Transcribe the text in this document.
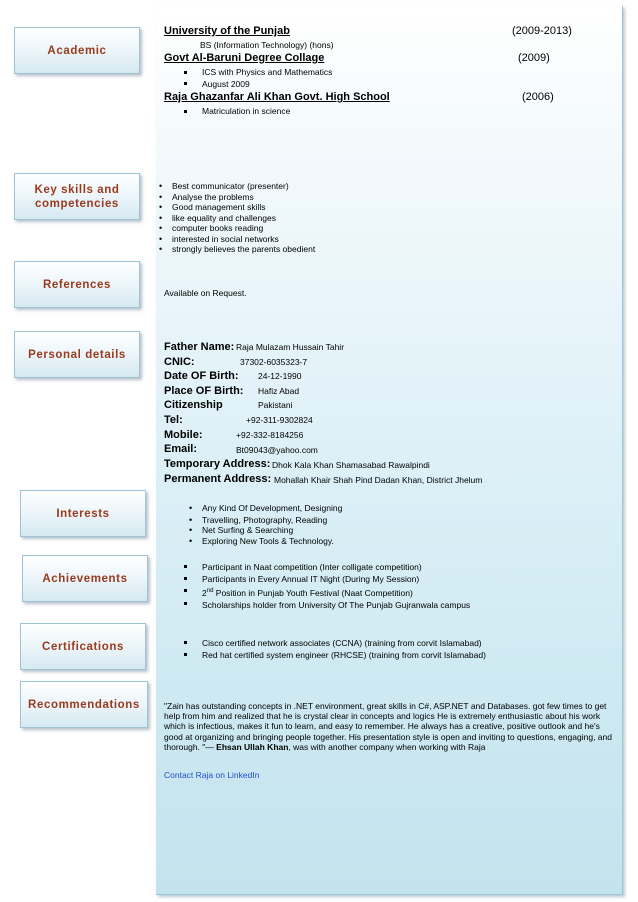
Academic
Key skills and
competencies
References
Personal details
Interests
Achievements
Certifications
Recommendations
University of the Punjab	(2009-2013)
BS (Information Technology) (hons)
Govt Al-Baruni Degree Collage	(2009)
ICS with Physics and Mathematics
August 2009
Raja Ghazanfar Ali Khan Govt. High School	(2006)
Matriculation in science
• Best communicator (presenter)
• Analyse the problems
• Good management skills
• like equality and challenges
• computer books reading
• interested in social networks
• strongly believes the parents obedient
Available on Request.
Father Name: Raja Mulazam Hussain Tahir
CNIC:	37302-6035323-7
Date OF Birth: 24-12-1990
Place OF Birth: Hafiz Abad
Citizenship	Pakistani
Tel:	+92-311-9302824
Mobile:	+92-332-8184256
Email:	Bt09043@yahoo.com
Temporary Address: Dhok Kala Khan Shamasabad Rawalpindi
Permanent Address: Mohallah Khair Shah Pind Dadan Khan, District Jhelum
• Any Kind Of Development, Designing
• Travelling, Photography, Reading
• Net Surfing & Searching
• Exploring New Tools & Technology.
Participant in Naat competition (Inter colligate competition)
Participants in Every Annual IT Night (During My Session)
2nd Position in Punjab Youth Festival (Naat Competition)
Scholarships holder from University Of The Punjab Gujranwala campus
Cisco certified network associates (CCNA) (training from corvit Islamabad)
Red hat certified system engineer (RHCSE) (training from corvit Islamabad)
"Zain has outstanding concepts in .NET environment, great skills in C#, ASP.NET and Databases. got few times to get help from him and realized that he is crystal clear in concepts and logics He is extremely enthusiastic about his work which is infectious, makes it fun to learn, and easy to remember. He always has a creative, positive outlook and he's good at organizing and bringing people together. His presentation style is open and inviting to questions, engaging, and thorough. "— Ehsan Ullah Khan, was with another company when working with Raja
Contact Raja on LinkedIn
